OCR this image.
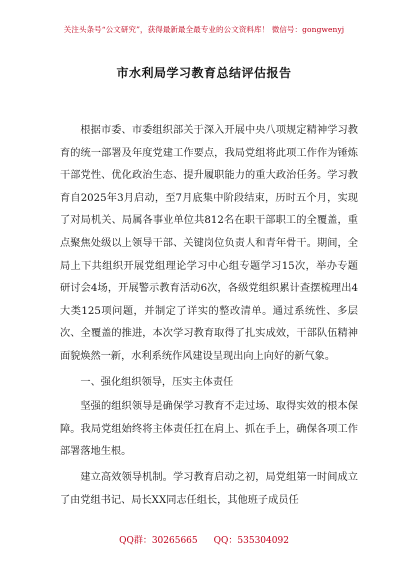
关注头条号“公文研究”，获得最新最全最专业的公文资料库！ 微信号：gongwenyj
市水利局学习教育总结评估报告

根据市委、市委组织部关于深入开展中央八项规定精神学习教育的统一部署及年度党建工作要点，我局党组将此项工作作为锤炼干部党性、优化政治生态、提升履职能力的重大政治任务。学习教育自2025年3月启动，至7月底集中阶段结束，历时五个月，实现了对局机关、局属各事业单位共812名在职干部职工的全覆盖，重点聚焦处级以上领导干部、关键岗位负责人和青年骨干。期间，全局上下共组织开展党组理论学习中心组专题学习15次，举办专题研讨会4场，开展警示教育活动6次，各级党组织累计查摆梳理出4大类125项问题，并制定了详实的整改清单。通过系统性、多层次、全覆盖的推进，本次学习教育取得了扎实成效，干部队伍精神面貌焕然一新，水利系统作风建设呈现出向上向好的新气象。

一、强化组织领导，压实主体责任

坚强的组织领导是确保学习教育不走过场、取得实效的根本保障。我局党组始终将主体责任扛在肩上、抓在手上，确保各项工作部署落地生根。

建立高效领导机制。学习教育启动之初，局党组第一时间成立了由党组书记、局长XX同志任组长，其他班子成员任

QQ群：30265665 QQ：535304092
